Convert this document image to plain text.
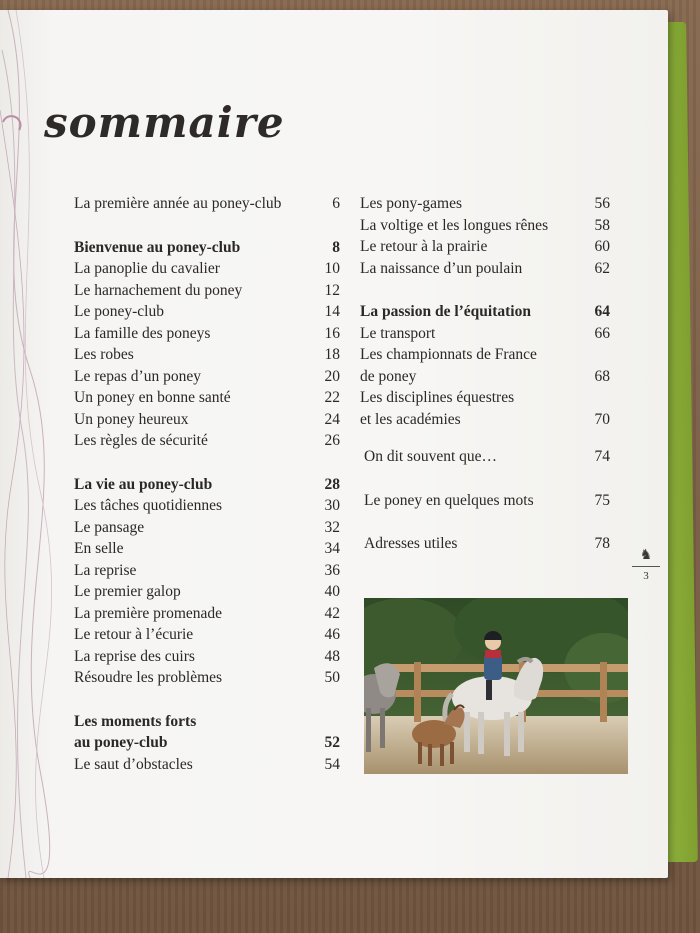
sommaire
La première année au poney-club	6
Bienvenue au poney-club	8
La panoplie du cavalier	10
Le harnachement du poney	12
Le poney-club	14
La famille des poneys	16
Les robes	18
Le repas d’un poney	20
Un poney en bonne santé	22
Un poney heureux	24
Les règles de sécurité	26
La vie au poney-club	28
Les tâches quotidiennes	30
Le pansage	32
En selle	34
La reprise	36
Le premier galop	40
La première promenade	42
Le retour à l’écurie	46
La reprise des cuirs	48
Résoudre les problèmes	50
Les moments forts
au poney-club	52
Le saut d’obstacles	54
Les pony-games	56
La voltige et les longues rênes	58
Le retour à la prairie	60
La naissance d’un poulain	62
La passion de l’équitation	64
Le transport	66
Les championnats de France
de poney	68
Les disciplines équestres
et les académies	70
On dit souvent que…	74
Le poney en quelques mots	75
Adresses utiles	78
♞
3
